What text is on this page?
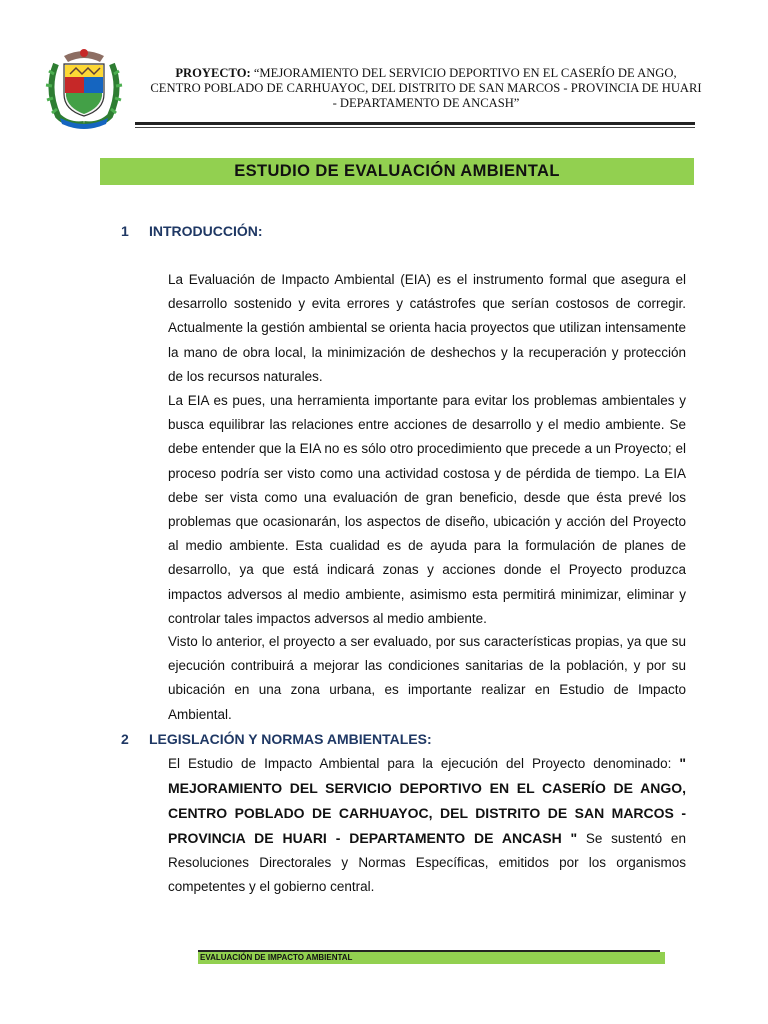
PROYECTO: “MEJORAMIENTO DEL SERVICIO DEPORTIVO EN EL CASERÍO DE ANGO, CENTRO POBLADO DE CARHUAYOC, DEL DISTRITO DE SAN MARCOS - PROVINCIA DE HUARI - DEPARTAMENTO DE ANCASH”
ESTUDIO DE EVALUACIÓN AMBIENTAL
1 INTRODUCCIÓN:

La Evaluación de Impacto Ambiental (EIA) es el instrumento formal que asegura el desarrollo sostenido y evita errores y catástrofes que serían costosos de corregir. Actualmente la gestión ambiental se orienta hacia proyectos que utilizan intensamente la mano de obra local, la minimización de deshechos y la recuperación y protección de los recursos naturales.

La EIA es pues, una herramienta importante para evitar los problemas ambientales y busca equilibrar las relaciones entre acciones de desarrollo y el medio ambiente. Se debe entender que la EIA no es sólo otro procedimiento que precede a un Proyecto; el proceso podría ser visto como una actividad costosa y de pérdida de tiempo. La EIA debe ser vista como una evaluación de gran beneficio, desde que ésta prevé los problemas que ocasionarán, los aspectos de diseño, ubicación y acción del Proyecto al medio ambiente. Esta cualidad es de ayuda para la formulación de planes de desarrollo, ya que está indicará zonas y acciones donde el Proyecto produzca impactos adversos al medio ambiente, asimismo esta permitirá minimizar, eliminar y controlar tales impactos adversos al medio ambiente.

Visto lo anterior, el proyecto a ser evaluado, por sus características propias, ya que su ejecución contribuirá a mejorar las condiciones sanitarias de la población, y por su ubicación en una zona urbana, es importante realizar en Estudio de Impacto Ambiental.

2 LEGISLACIÓN Y NORMAS AMBIENTALES:

El Estudio de Impacto Ambiental para la ejecución del Proyecto denominado: " MEJORAMIENTO DEL SERVICIO DEPORTIVO EN EL CASERÍO DE ANGO, CENTRO POBLADO DE CARHUAYOC, DEL DISTRITO DE SAN MARCOS - PROVINCIA DE HUARI - DEPARTAMENTO DE ANCASH " Se sustentó en Resoluciones Directorales y Normas Específicas, emitidos por los organismos competentes y el gobierno central.

EVALUACIÓN DE IMPACTO AMBIENTAL
